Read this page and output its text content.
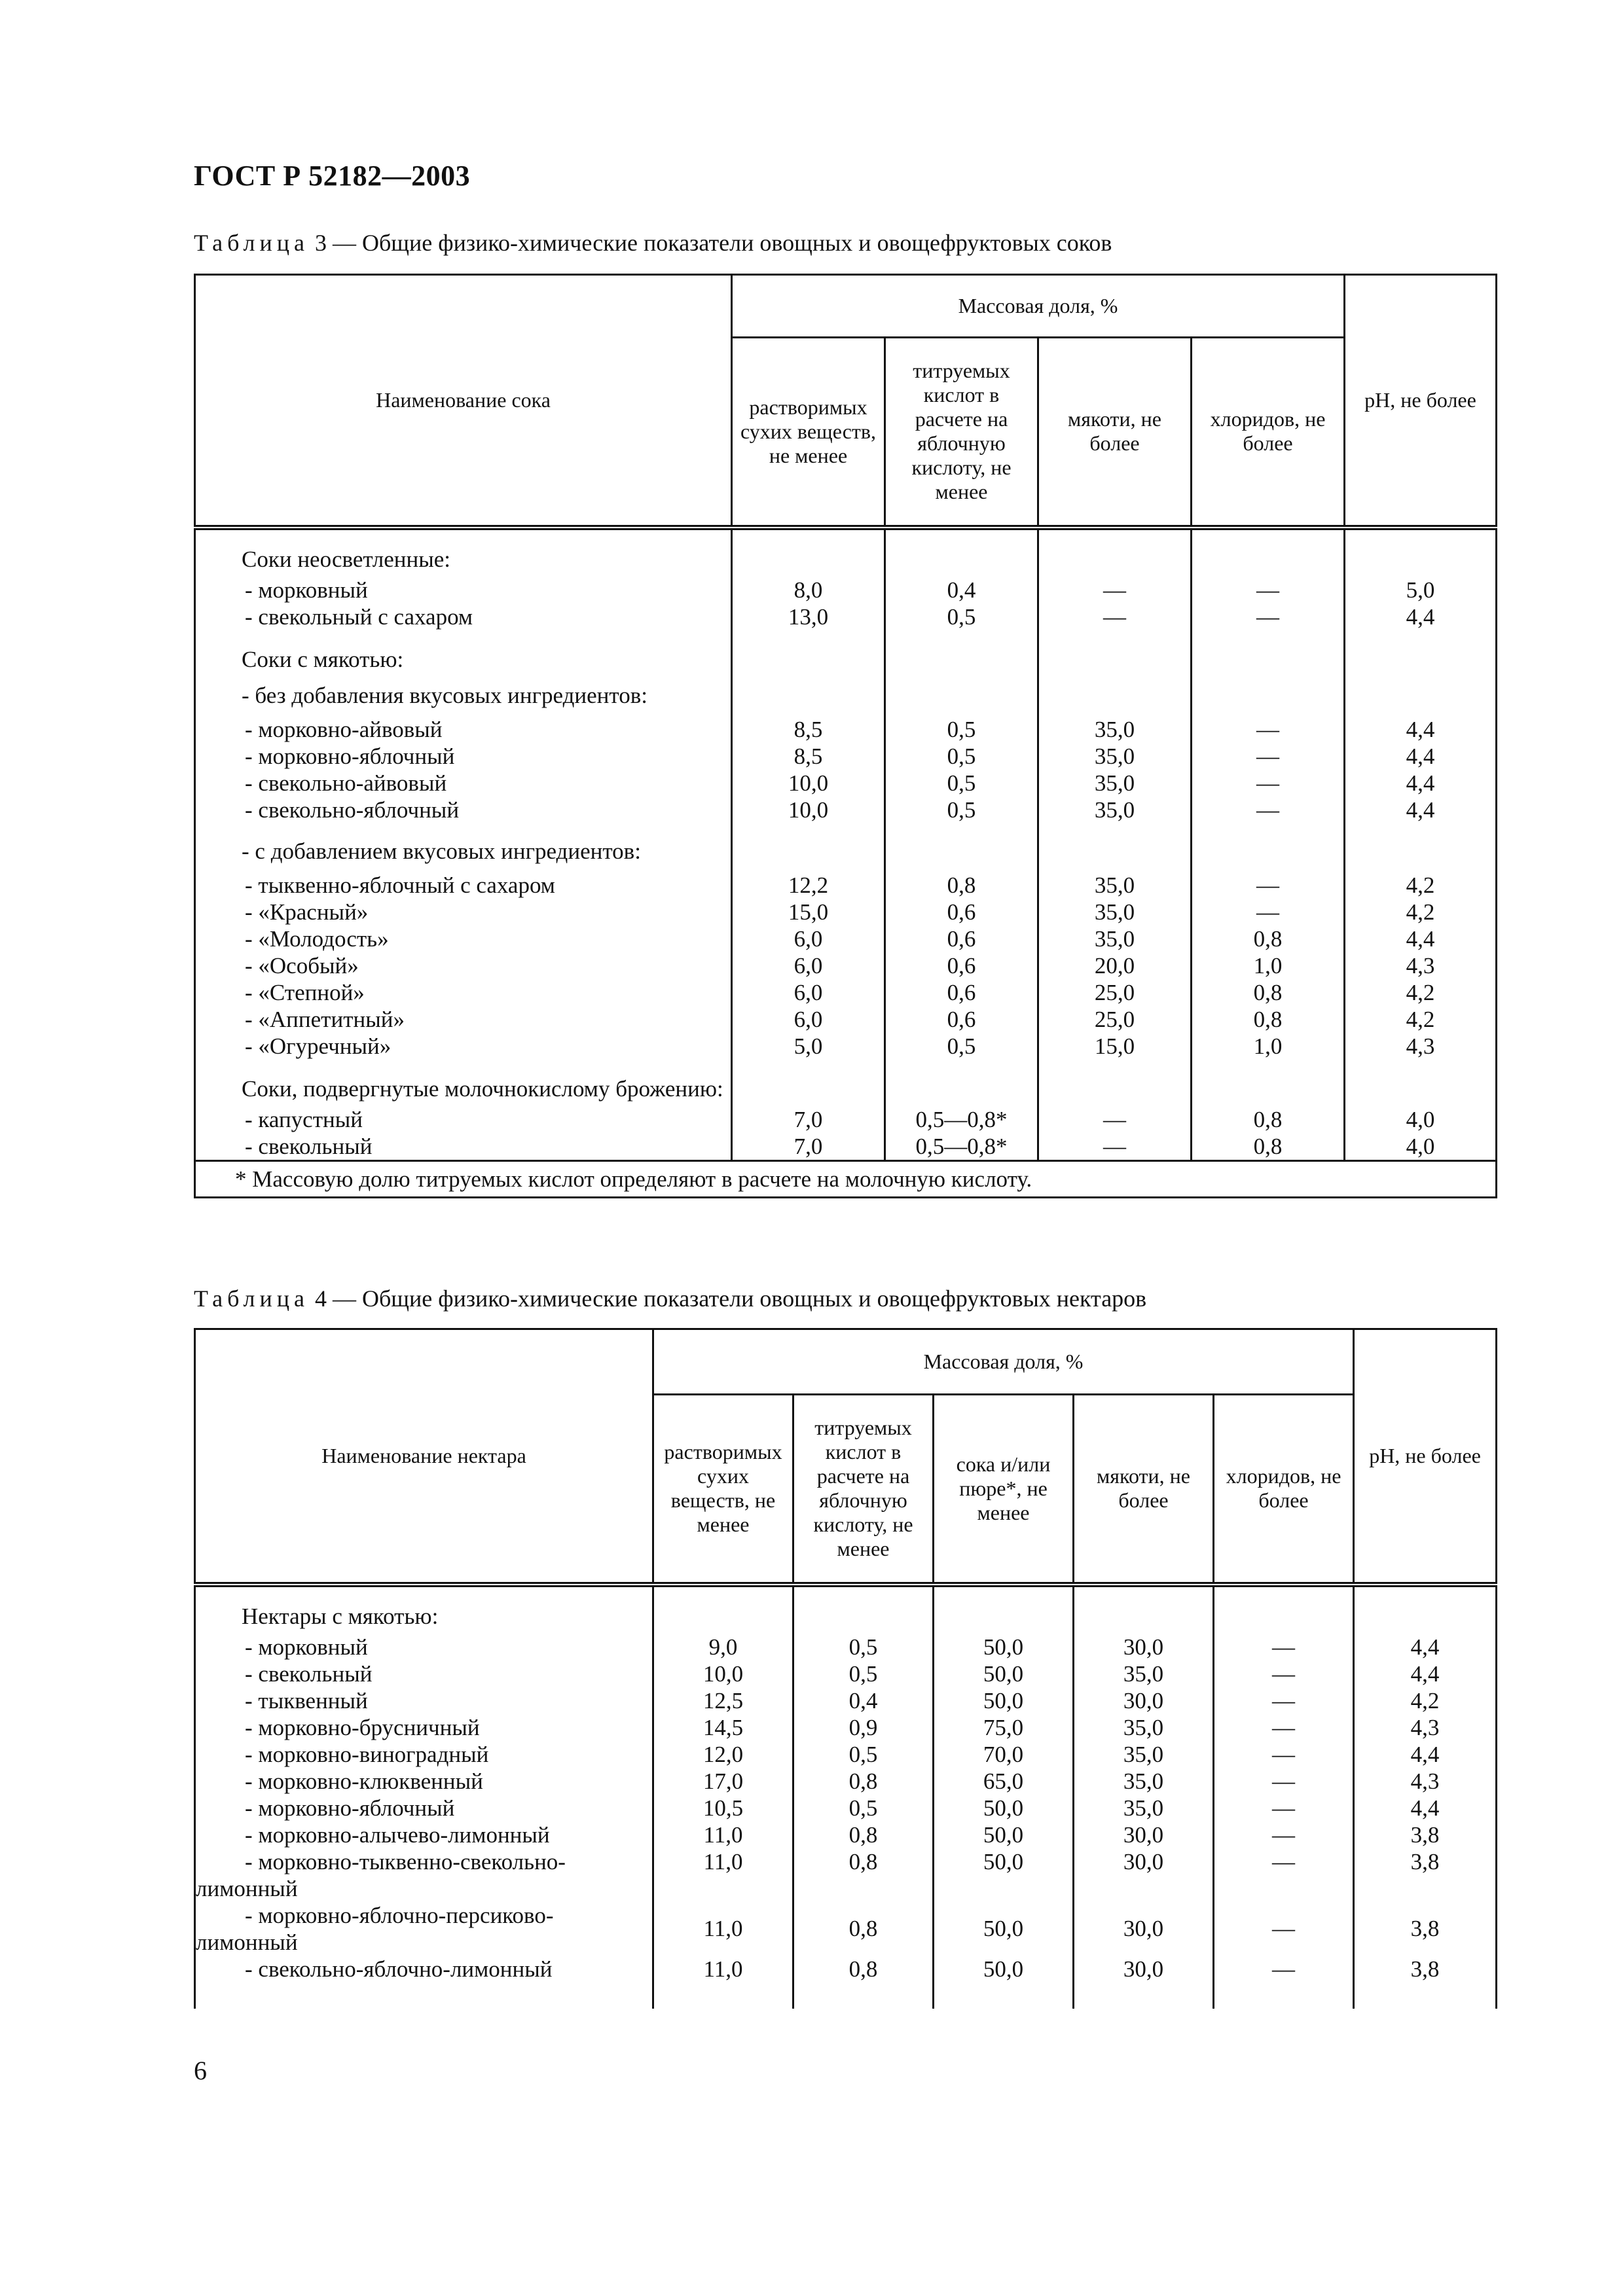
ГОСТ Р 52182—2003
Таблица 3 — Общие физико-химические показатели овощных и овощефруктовых соков
Наименование сока	Массовая доля, %				pH, не более
	растворимых сухих веществ, не менее	титруемых кислот в расчете на яблочную кислоту, не менее	мякоти, не более	хлоридов, не более	

Соки неосветленные:					
- морковный	8,0	0,4	—	—	5,0
- свекольный с сахаром	13,0	0,5	—	—	4,4

Соки с мякотью:					
- без добавления вкусовых ингредиентов:					
- морковно-айвовый	8,5	0,5	35,0	—	4,4
- морковно-яблочный	8,5	0,5	35,0	—	4,4
- свекольно-айвовый	10,0	0,5	35,0	—	4,4
- свекольно-яблочный	10,0	0,5	35,0	—	4,4

- с добавлением вкусовых ингредиентов:					
- тыквенно-яблочный с сахаром	12,2	0,8	35,0	—	4,2
- «Красный»	15,0	0,6	35,0	—	4,2
- «Молодость»	6,0	0,6	35,0	0,8	4,4
- «Особый»	6,0	0,6	20,0	1,0	4,3
- «Степной»	6,0	0,6	25,0	0,8	4,2
- «Аппетитный»	6,0	0,6	25,0	0,8	4,2
- «Огуречный»	5,0	0,5	15,0	1,0	4,3

Соки, подвергнутые молочнокислому брожению:					
- капустный	7,0	0,5—0,8*	—	0,8	4,0
- свекольный	7,0	0,5—0,8*	—	0,8	4,0
* Массовую долю титруемых кислот определяют в расчете на молочную кислоту.					
Таблица 4 — Общие физико-химические показатели овощных и овощефруктовых нектаров
Наименование нектара	Массовая доля, %					pH, не более
	растворимых сухих веществ, не менее	титруемых кислот в расчете на яблочную кислоту, не менее	сока и/или пюре*, не менее	мякоти, не более	хлоридов, не более	

Нектары с мякотью:						
- морковный	9,0	0,5	50,0	30,0	—	4,4
- свекольный	10,0	0,5	50,0	35,0	—	4,4
- тыквенный	12,5	0,4	50,0	30,0	—	4,2
- морковно-брусничный	14,5	0,9	75,0	35,0	—	4,3
- морковно-виноградный	12,0	0,5	70,0	35,0	—	4,4
- морковно-клюквенный	17,0	0,8	65,0	35,0	—	4,3
- морковно-яблочный	10,5	0,5	50,0	35,0	—	4,4
- морковно-алычево-лимонный	11,0	0,8	50,0	30,0	—	3,8
- морковно-тыквенно-свекольно-
лимонный	11,0	0,8	50,0	30,0	—	3,8
- морковно-яблочно-персиково-
лимонный	11,0	0,8	50,0	30,0	—	3,8
- свекольно-яблочно-лимонный	11,0	0,8	50,0	30,0	—	3,8

6
